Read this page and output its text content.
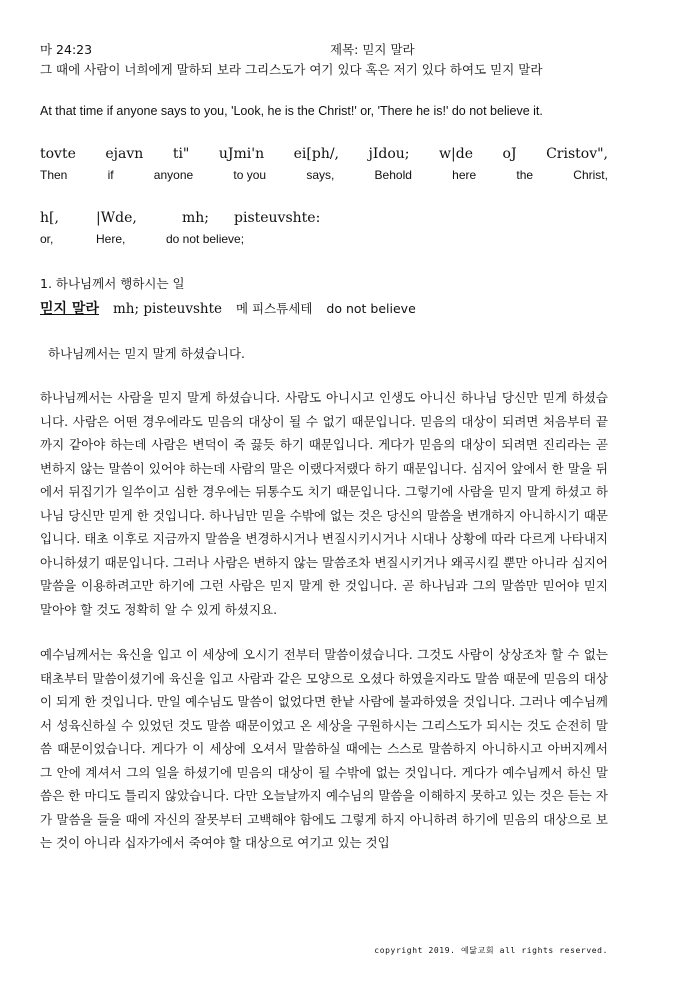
마 24:23	제목: 믿지 말라
그 때에 사람이 너희에게 말하되 보라 그리스도가 여기 있다 혹은 저기 있다 하여도 믿지 말라
At that time if anyone says to you, 'Look, he is the Christ!' or, 'There he is!' do not believe it.
tovte ejavn ti" uJmi'n ei[ph/, jIdou; w|de oJ Cristov",
Then	if	anyone	to you	says,	Behold	here	the	Christ,
h[,	|Wde,	mh;	pisteuvshte:
or,	Here,	do not believe;
1. 하나님께서 행하시는 일
믿지 말라 mh; pisteuvshte 메 피스튜세테 do not believe
하나님께서는 믿지 말게 하셨습니다.
하나님께서는 사람을 믿지 말게 하셨습니다. 사람도 아니시고 인생도 아니신 하나님 당신만 믿게 하셨습니다. 사람은 어떤 경우에라도 믿음의 대상이 될 수 없기 때문입니다. 믿음의 대상이 되려면 처음부터 끝까지 같아야 하는데 사람은 변덕이 죽 끓듯 하기 때문입니다. 게다가 믿음의 대상이 되려면 진리라는 곧 변하지 않는 말씀이 있어야 하는데 사람의 말은 이랬다저랬다 하기 때문입니다. 심지어 앞에서 한 말을 뒤에서 뒤집기가 일쑤이고 심한 경우에는 뒤통수도 치기 때문입니다. 그렇기에 사람을 믿지 말게 하셨고 하나님 당신만 믿게 한 것입니다. 하나님만 믿을 수밖에 없는 것은 당신의 말씀을 변개하지 아니하시기 때문입니다. 태초 이후로 지금까지 말씀을 변경하시거나 변질시키시거나 시대나 상황에 따라 다르게 나타내지 아니하셨기 때문입니다. 그러나 사람은 변하지 않는 말씀조차 변질시키거나 왜곡시킬 뿐만 아니라 심지어 말씀을 이용하려고만 하기에 그런 사람은 믿지 말게 한 것입니다. 곧 하나님과 그의 말씀만 믿어야 믿지 말아야 할 것도 정확히 알 수 있게 하셨지요.
예수님께서는 육신을 입고 이 세상에 오시기 전부터 말씀이셨습니다. 그것도 사람이 상상조차 할 수 없는 태초부터 말씀이셨기에 육신을 입고 사람과 같은 모양으로 오셨다 하였을지라도 말씀 때문에 믿음의 대상이 되게 한 것입니다. 만일 예수님도 말씀이 없었다면 한낱 사람에 불과하였을 것입니다. 그러나 예수님께서 성육신하실 수 있었던 것도 말씀 때문이었고 온 세상을 구원하시는 그리스도가 되시는 것도 순전히 말씀 때문이었습니다. 게다가 이 세상에 오셔서 말씀하실 때에는 스스로 말씀하지 아니하시고 아버지께서 그 안에 계셔서 그의 일을 하셨기에 믿음의 대상이 될 수밖에 없는 것입니다. 게다가 예수님께서 하신 말씀은 한 마디도 틀리지 않았습니다. 다만 오늘날까지 예수님의 말씀을 이해하지 못하고 있는 것은 듣는 자가 말씀을 들을 때에 자신의 잘못부터 고백해야 함에도 그렇게 하지 아니하려 하기에 믿음의 대상으로 보는 것이 아니라 십자가에서 죽여야 할 대상으로 여기고 있는 것입
copyright 2019. 예닮교회 all rights reserved.
